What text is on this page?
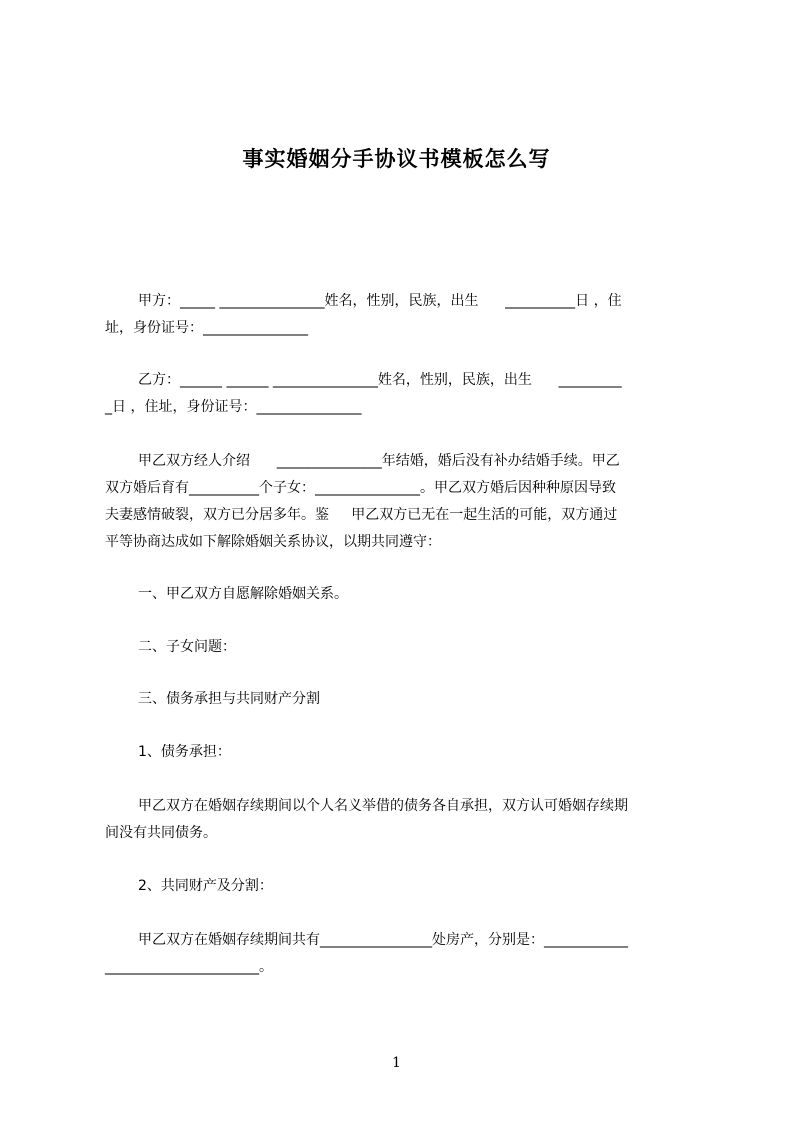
事实婚姻分手协议书模板怎么写
甲方：_____ _______________姓名，性别，民族，出生      __________日 ，住
址，身份证号：_______________
乙方：______ ______ _______________姓名，性别，民族，出生      _________
_日 ，住址，身份证号：_______________
甲乙双方经人介绍      _______________年结婚，婚后没有补办结婚手续。甲乙
双方婚后育有__________个子女：_______________。甲乙双方婚后因种种原因导致
夫妻感情破裂，双方已分居多年。鉴     甲乙双方已无在一起生活的可能，双方通过
平等协商达成如下解除婚姻关系协议，以期共同遵守：
一、甲乙双方自愿解除婚姻关系。
二、子女问题：
三、债务承担与共同财产分割
1、债务承担：
甲乙双方在婚姻存续期间以个人名义举借的债务各自承担，双方认可婚姻存续期
间没有共同债务。
2、共同财产及分割：
甲乙双方在婚姻存续期间共有________________处房产，分别是：____________
______________________。
1
